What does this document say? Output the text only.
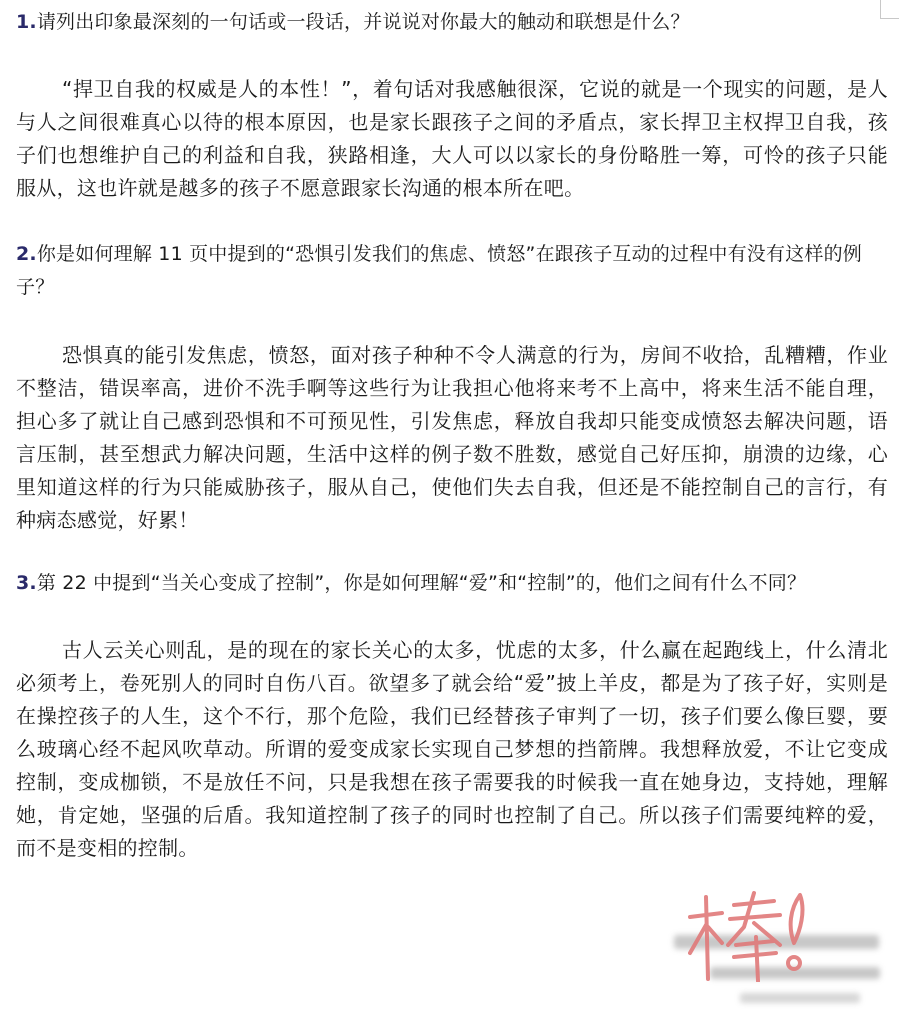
1.请列出印象最深刻的一句话或一段话，并说说对你最大的触动和联想是什么？
“捍卫自我的权威是人的本性！”，着句话对我感触很深，它说的就是一个现实的问题，是人与人之间很难真心以待的根本原因，也是家长跟孩子之间的矛盾点，家长捍卫主权捍卫自我，孩子们也想维护自己的利益和自我，狭路相逢，大人可以以家长的身份略胜一筹，可怜的孩子只能服从，这也许就是越多的孩子不愿意跟家长沟通的根本所在吧。
2.你是如何理解 11 页中提到的“恐惧引发我们的焦虑、愤怒”在跟孩子互动的过程中有没有这样的例子？
恐惧真的能引发焦虑，愤怒，面对孩子种种不令人满意的行为，房间不收拾，乱糟糟，作业不整洁，错误率高，进价不洗手啊等这些行为让我担心他将来考不上高中，将来生活不能自理，担心多了就让自己感到恐惧和不可预见性，引发焦虑，释放自我却只能变成愤怒去解决问题，语言压制，甚至想武力解决问题，生活中这样的例子数不胜数，感觉自己好压抑，崩溃的边缘，心里知道这样的行为只能威胁孩子，服从自己，使他们失去自我，但还是不能控制自己的言行，有种病态感觉，好累！
3.第 22 中提到“当关心变成了控制”，你是如何理解“爱”和“控制”的，他们之间有什么不同？
古人云关心则乱，是的现在的家长关心的太多，忧虑的太多，什么赢在起跑线上，什么清北必须考上，卷死别人的同时自伤八百。欲望多了就会给“爱”披上羊皮，都是为了孩子好，实则是在操控孩子的人生，这个不行，那个危险，我们已经替孩子审判了一切，孩子们要么像巨婴，要么玻璃心经不起风吹草动。所谓的爱变成家长实现自己梦想的挡箭牌。我想释放爱，不让它变成控制，变成枷锁，不是放任不问，只是我想在孩子需要我的时候我一直在她身边，支持她，理解她，肯定她，坚强的后盾。我知道控制了孩子的同时也控制了自己。所以孩子们需要纯粹的爱，而不是变相的控制。
